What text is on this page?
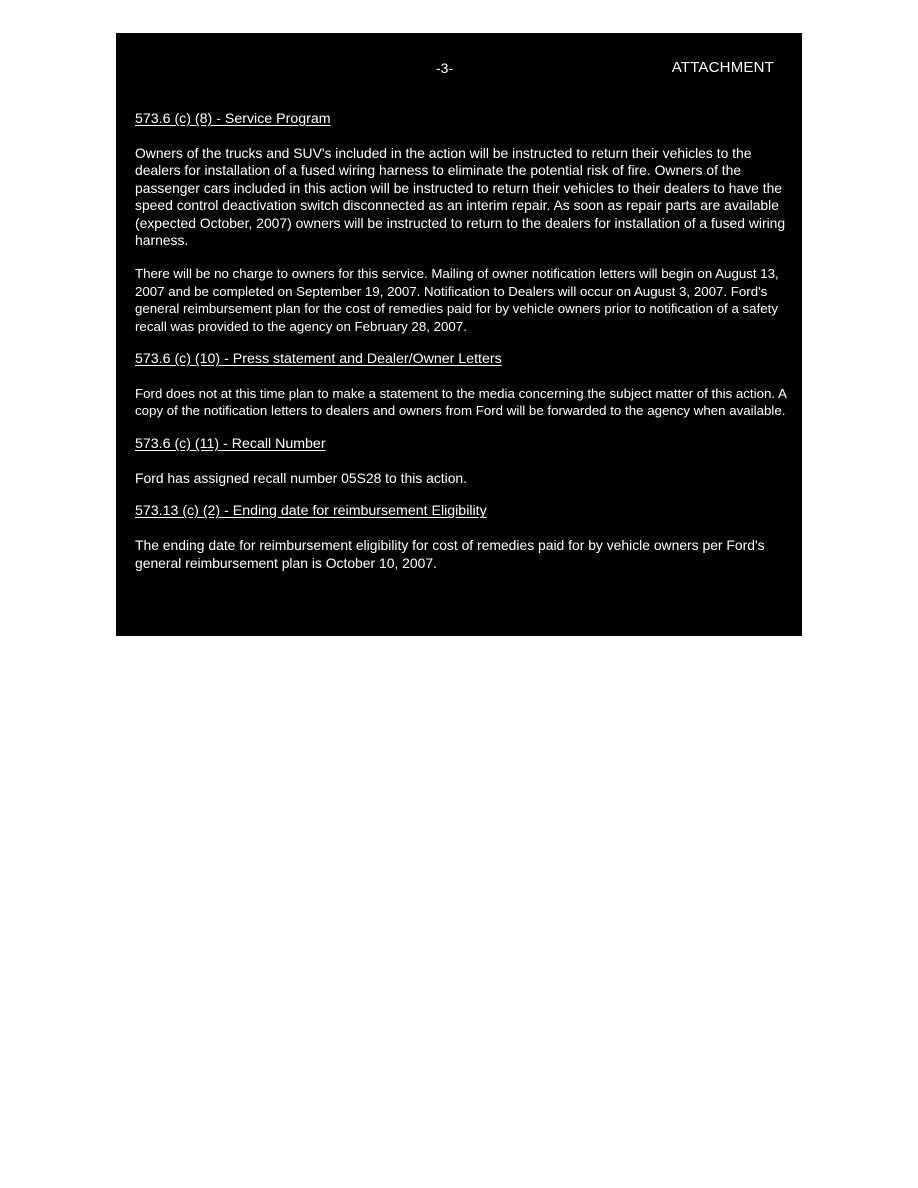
-3-	ATTACHMENT
573.6 (c) (8) - Service Program

Owners of the trucks and SUV's included in the action will be instructed to return their vehicles to the dealers for installation of a fused wiring harness to eliminate the potential risk of fire. Owners of the passenger cars included in this action will be instructed to return their vehicles to their dealers to have the speed control deactivation switch disconnected as an interim repair. As soon as repair parts are available (expected October, 2007) owners will be instructed to return to the dealers for installation of a fused wiring harness.

There will be no charge to owners for this service. Mailing of owner notification letters will begin on August 13, 2007 and be completed on September 19, 2007. Notification to Dealers will occur on August 3, 2007. Ford's general reimbursement plan for the cost of remedies paid for by vehicle owners prior to notification of a safety recall was provided to the agency on February 28, 2007.

573.6 (c) (10) - Press statement and Dealer/Owner Letters

Ford does not at this time plan to make a statement to the media concerning the subject matter of this action. A copy of the notification letters to dealers and owners from Ford will be forwarded to the agency when available.

573.6 (c) (11) - Recall Number

Ford has assigned recall number 05S28 to this action.

573.13 (c) (2) - Ending date for reimbursement Eligibility

The ending date for reimbursement eligibility for cost of remedies paid for by vehicle owners per Ford's general reimbursement plan is October 10, 2007.
